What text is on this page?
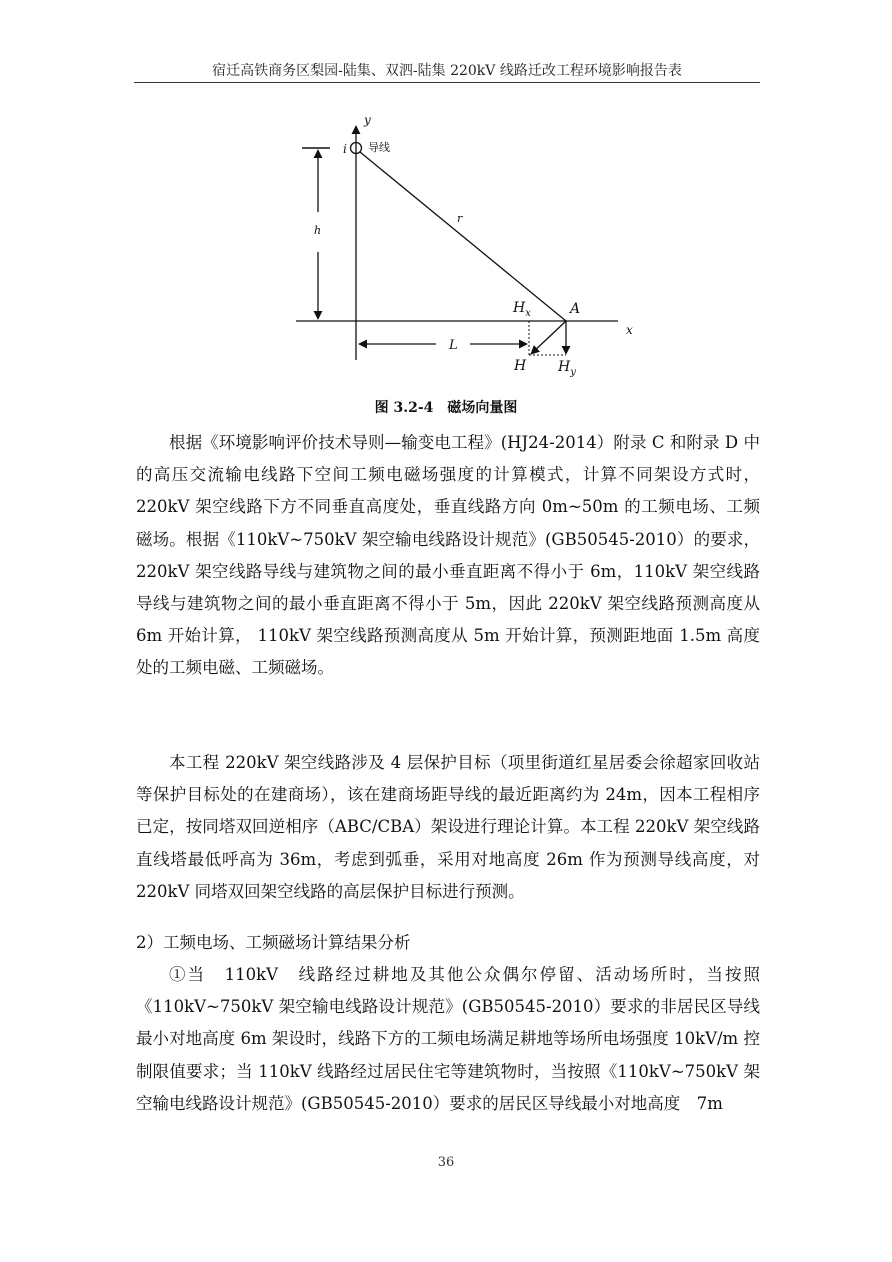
宿迁高铁商务区梨园-陆集、双泗-陆集 220kV 线路迁改工程环境影响报告表
y
x
i 导线
h
r
A
$H_x$
H $H_y$
L
图 3.2-4　磁场向量图

根据《环境影响评价技术导则—输变电工程》(HJ24-2014）附录 C 和附录 D 中的高压交流输电线路下空间工频电磁场强度的计算模式，计算不同架设方式时，220kV 架空线路下方不同垂直高度处，垂直线路方向 0m~50m 的工频电场、工频磁场。根据《110kV~750kV 架空输电线路设计规范》(GB50545-2010）的要求，220kV 架空线路导线与建筑物之间的最小垂直距离不得小于 6m，110kV 架空线路导线与建筑物之间的最小垂直距离不得小于 5m，因此 220kV 架空线路预测高度从 6m 开始计算， 110kV 架空线路预测高度从 5m 开始计算，预测距地面 1.5m 高度处的工频电磁、工频磁场。

本工程 220kV 架空线路涉及 4 层保护目标（项里街道红星居委会徐超家回收站等保护目标处的在建商场），该在建商场距导线的最近距离约为 24m，因本工程相序已定，按同塔双回逆相序（ABC/CBA）架设进行理论计算。本工程 220kV 架空线路直线塔最低呼高为 36m，考虑到弧垂，采用对地高度 26m 作为预测导线高度，对 220kV 同塔双回架空线路的高层保护目标进行预测。

2）工频电场、工频磁场计算结果分析

①当　110kV　线路经过耕地及其他公众偶尔停留、活动场所时，当按照《110kV~750kV 架空输电线路设计规范》(GB50545-2010）要求的非居民区导线最小对地高度 6m 架设时，线路下方的工频电场满足耕地等场所电场强度 10kV/m 控制限值要求；当 110kV 线路经过居民住宅等建筑物时，当按照《110kV~750kV 架空输电线路设计规范》(GB50545-2010）要求的居民区导线最小对地高度　7m

36
